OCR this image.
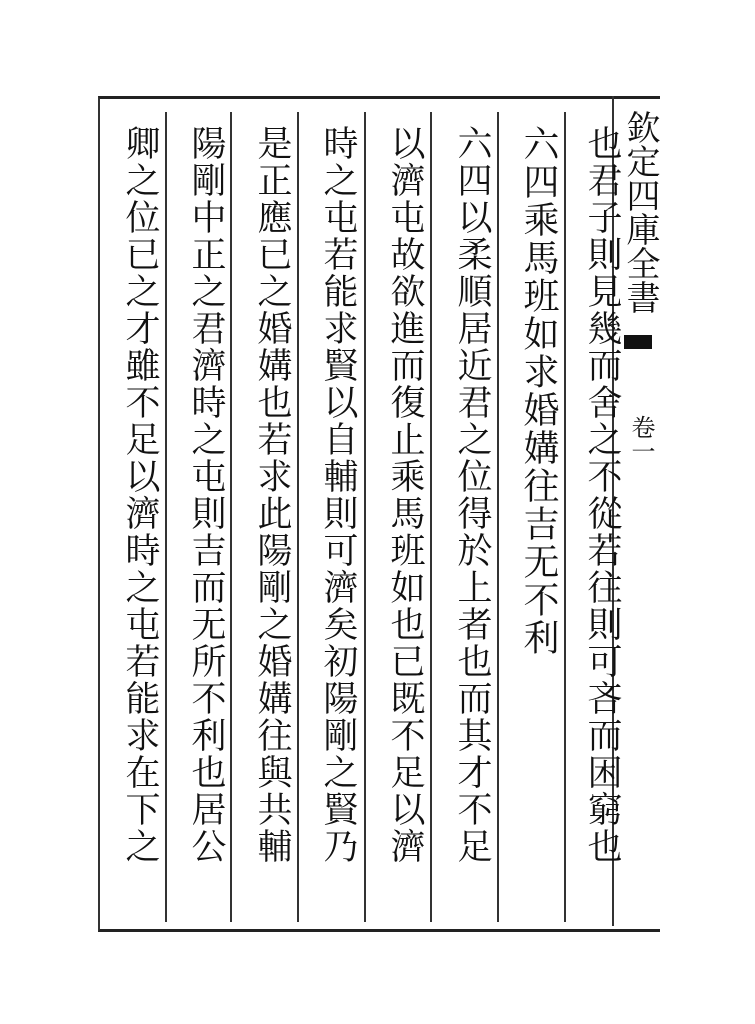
欽定四庫全書
卷一
也君子則見幾而舍之不從若往則可吝而困窮也
六四乘馬班如求婚媾往吉无不利
六四以柔順居近君之位得於上者也而其才不足
以濟屯故欲進而復止乘馬班如也已既不足以濟
時之屯若能求賢以自輔則可濟矣初陽剛之賢乃
是正應已之婚媾也若求此陽剛之婚媾往與共輔
陽剛中正之君濟時之屯則吉而无所不利也居公
卿之位已之才雖不足以濟時之屯若能求在下之
